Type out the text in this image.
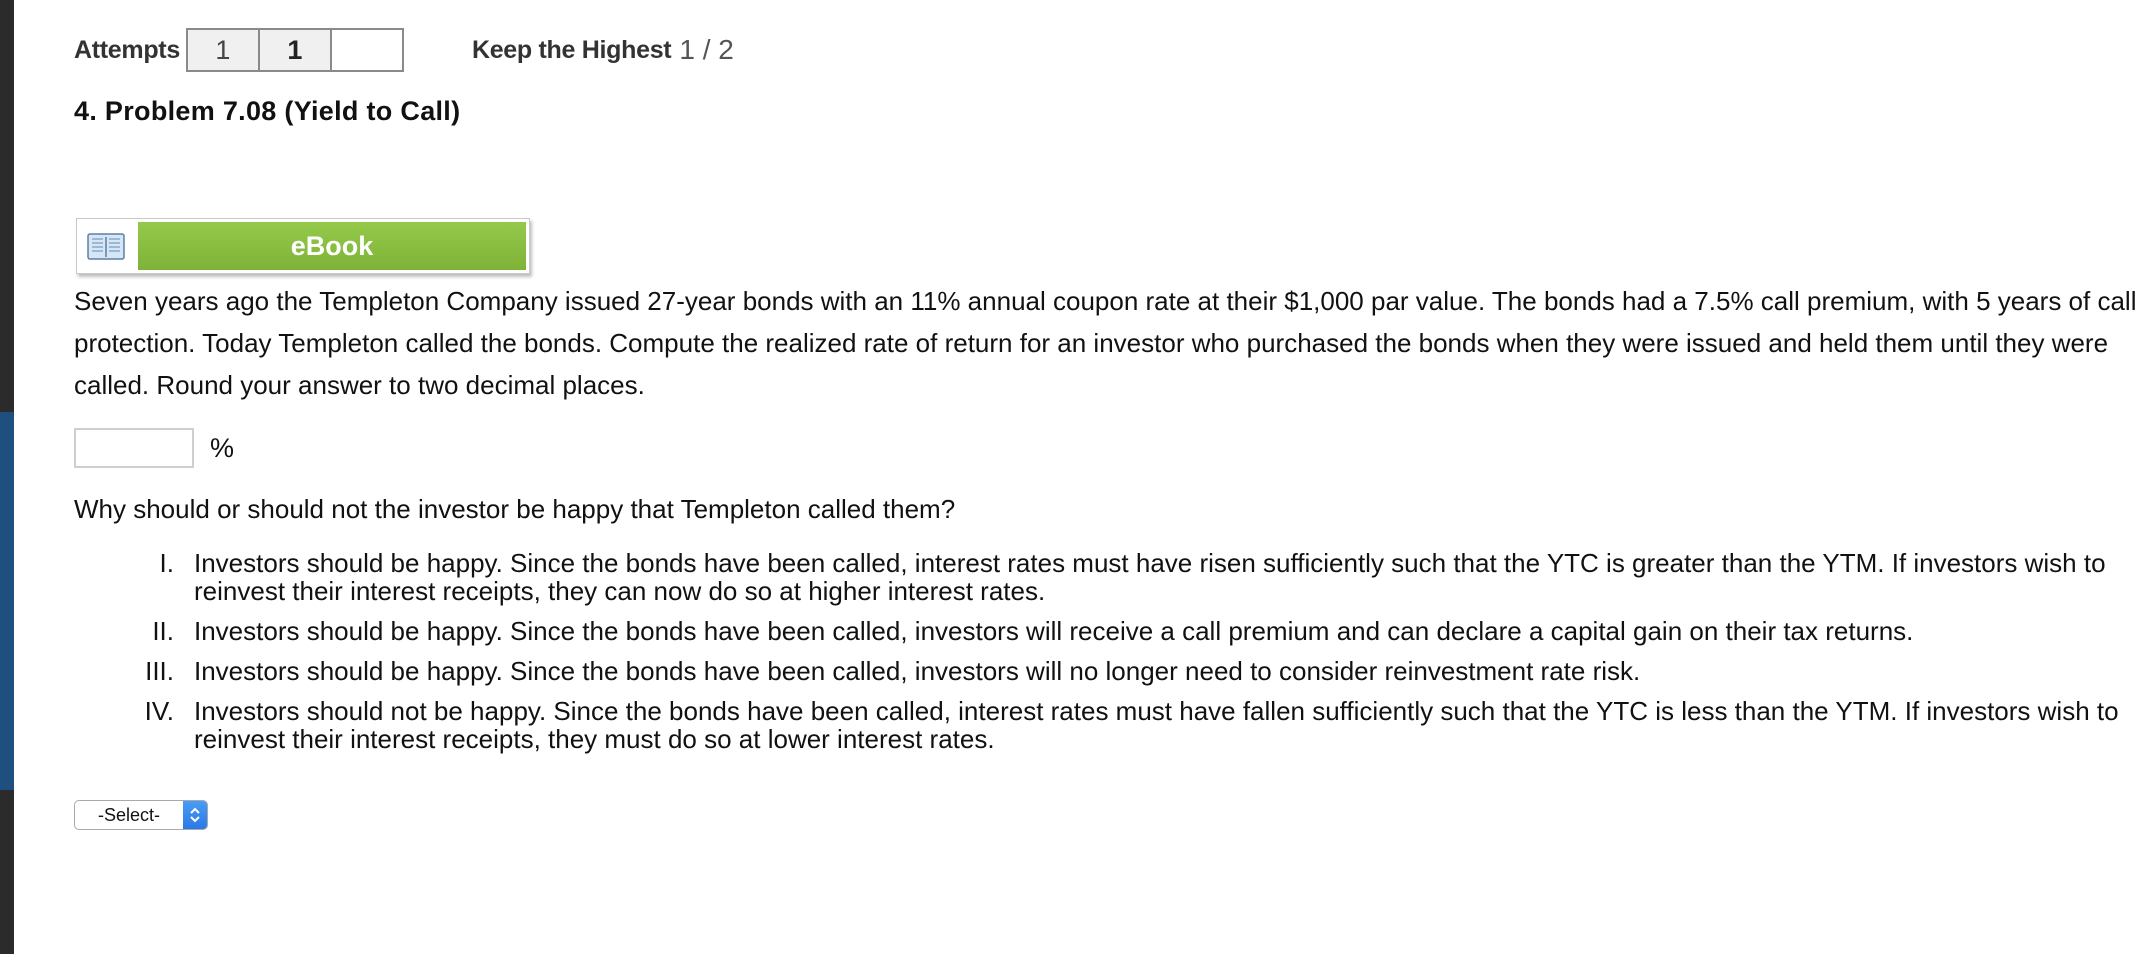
Attempts	1	1	Keep the Highest 1 / 2
4. Problem 7.08 (Yield to Call)
eBook
Seven years ago the Templeton Company issued 27-year bonds with an 11% annual coupon rate at their $1,000 par value. The bonds had a 7.5% call premium, with 5 years of call protection. Today Templeton called the bonds. Compute the realized rate of return for an investor who purchased the bonds when they were issued and held them until they were called. Round your answer to two decimal places.
%
Why should or should not the investor be happy that Templeton called them?
I. Investors should be happy. Since the bonds have been called, interest rates must have risen sufficiently such that the YTC is greater than the YTM. If investors wish to reinvest their interest receipts, they can now do so at higher interest rates.
II. Investors should be happy. Since the bonds have been called, investors will receive a call premium and can declare a capital gain on their tax returns.
III. Investors should be happy. Since the bonds have been called, investors will no longer need to consider reinvestment rate risk.
IV. Investors should not be happy. Since the bonds have been called, interest rates must have fallen sufficiently such that the YTC is less than the YTM. If investors wish to reinvest their interest receipts, they must do so at lower interest rates.
-Select-
